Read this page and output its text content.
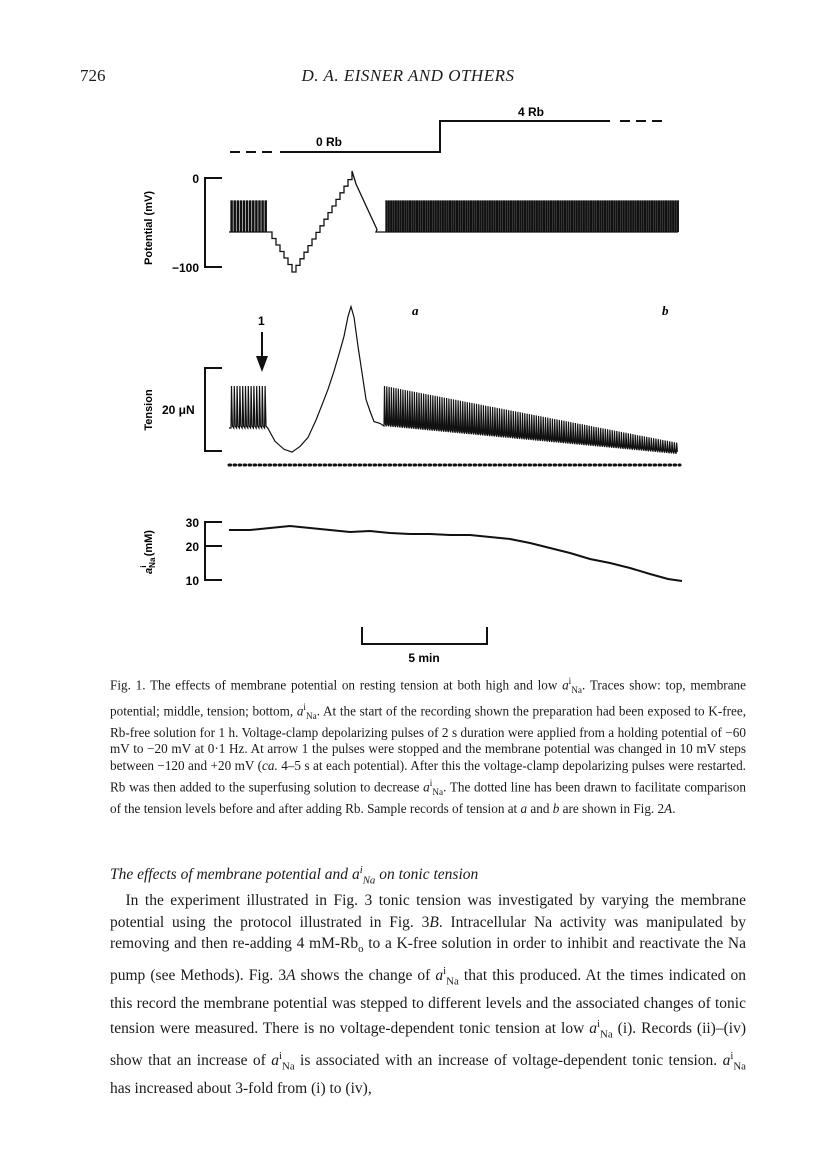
726	D. A. EISNER AND OTHERS
0 Rb
4 Rb
0
−100
Potential (mV)
a	b
1
20 μN
Tension
30
20
10
$a_{Na}i$ (mM)
5 min

Fig. 1. The effects of membrane potential on resting tension at both high and low $a^i_{Na}$. Traces show: top, membrane potential; middle, tension; bottom, $a^i_{Na}$. At the start of the recording shown the preparation had been exposed to K-free, Rb-free solution for 1 h. Voltage-clamp depolarizing pulses of 2 s duration were applied from a holding potential of −60 mV to −20 mV at 0·1 Hz. At arrow 1 the pulses were stopped and the membrane potential was changed in 10 mV steps between −120 and +20 mV (ca. 4–5 s at each potential). After this the voltage-clamp depolarizing pulses were restarted. Rb was then added to the superfusing solution to decrease $a^i_{Na}$. The dotted line has been drawn to facilitate comparison of the tension levels before and after adding Rb. Sample records of tension at a and b are shown in Fig. 2A.

The effects of membrane potential and $a^i_{Na}$ on tonic tension

 In the experiment illustrated in Fig. 3 tonic tension was investigated by varying the membrane potential using the protocol illustrated in Fig. 3B. Intracellular Na activity was manipulated by removing and then re-adding 4 $mM-Rb_o$ to a K-free solution in order to inhibit and reactivate the Na pump (see Methods). Fig. 3A shows the change of $a^i_{Na}$ that this produced. At the times indicated on this record the membrane potential was stepped to different levels and the associated changes of tonic tension were measured. There is no voltage-dependent tonic tension at low $a^i_{Na}$ (i). Records (ii)–(iv) show that an increase of $a^i_{Na}$ is associated with an increase of voltage-dependent tonic tension. $a^i_{Na}$ has increased about 3-fold from (i) to (iv),
